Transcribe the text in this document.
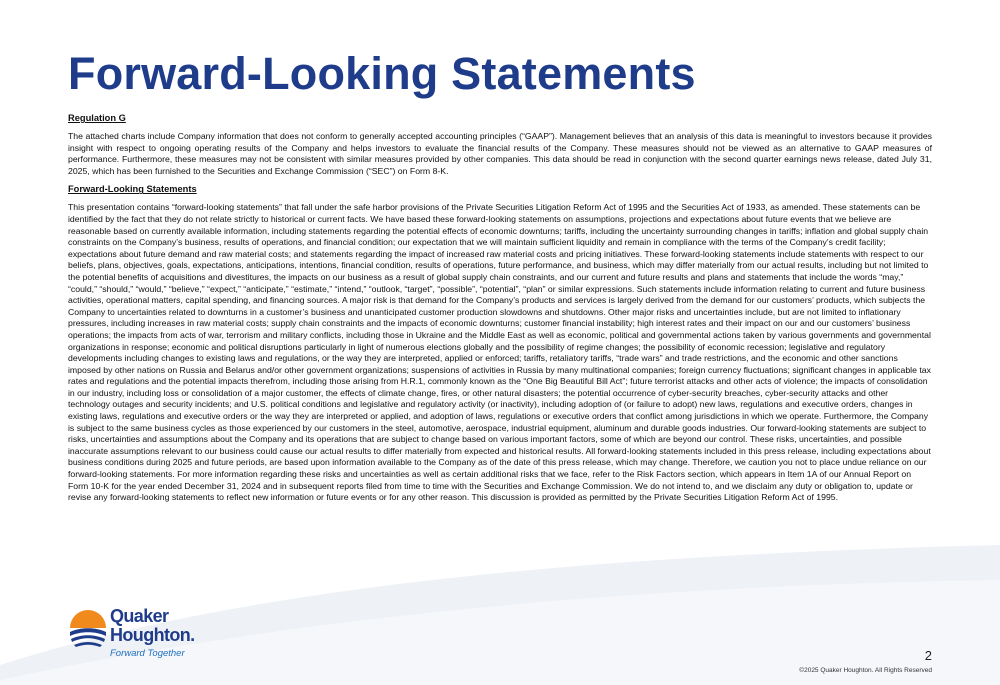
Forward-Looking Statements

Regulation G

The attached charts include Company information that does not conform to generally accepted accounting principles (“GAAP”). Management believes that an analysis of this data is meaningful to investors because it provides insight with respect to ongoing operating results of the Company and helps investors to evaluate the financial results of the Company. These measures should not be viewed as an alternative to GAAP measures of performance. Furthermore, these measures may not be consistent with similar measures provided by other companies. This data should be read in conjunction with the second quarter earnings news release, dated July 31, 2025, which has been furnished to the Securities and Exchange Commission (“SEC”) on Form 8-K.

Forward-Looking Statements

This presentation contains “forward-looking statements” that fall under the safe harbor provisions of the Private Securities Litigation Reform Act of 1995 and the Securities Act of 1933, as amended. These statements can be identified by the fact that they do not relate strictly to historical or current facts. We have based these forward-looking statements on assumptions, projections and expectations about future events that we believe are reasonable based on currently available information, including statements regarding the potential effects of economic downturns; tariffs, including the uncertainty surrounding changes in tariffs; inflation and global supply chain constraints on the Company’s business, results of operations, and financial condition; our expectation that we will maintain sufficient liquidity and remain in compliance with the terms of the Company’s credit facility; expectations about future demand and raw material costs; and statements regarding the impact of increased raw material costs and pricing initiatives. These forward-looking statements include statements with respect to our beliefs, plans, objectives, goals, expectations, anticipations, intentions, financial condition, results of operations, future performance, and business, which may differ materially from our actual results, including but not limited to the potential benefits of acquisitions and divestitures, the impacts on our business as a result of global supply chain constraints, and our current and future results and plans and statements that include the words “may,” “could,” “should,” “would,” “believe,” “expect,” “anticipate,” “estimate,” “intend,” “outlook, “target”, “possible”, “potential”, “plan” or similar expressions. Such statements include information relating to current and future business activities, operational matters, capital spending, and financing sources. A major risk is that demand for the Company’s products and services is largely derived from the demand for our customers’ products, which subjects the Company to uncertainties related to downturns in a customer’s business and unanticipated customer production slowdowns and shutdowns. Other major risks and uncertainties include, but are not limited to inflationary pressures, including increases in raw material costs; supply chain constraints and the impacts of economic downturns; customer financial instability; high interest rates and their impact on our and our customers’ business operations; the impacts from acts of war, terrorism and military conflicts, including those in Ukraine and the Middle East as well as economic, political and governmental actions taken by various governments and governmental organizations in response; economic and political disruptions particularly in light of numerous elections globally and the possibility of regime changes; the possibility of economic recession; legislative and regulatory developments including changes to existing laws and regulations, or the way they are interpreted, applied or enforced; tariffs, retaliatory tariffs, “trade wars” and trade restrictions, and the economic and other sanctions imposed by other nations on Russia and Belarus and/or other government organizations; suspensions of activities in Russia by many multinational companies; foreign currency fluctuations; significant changes in applicable tax rates and regulations and the potential impacts therefrom, including those arising from H.R.1, commonly known as the “One Big Beautiful Bill Act”; future terrorist attacks and other acts of violence; the impacts of consolidation in our industry, including loss or consolidation of a major customer, the effects of climate change, fires, or other natural disasters; the potential occurrence of cyber-security breaches, cyber-security attacks and other technology outages and security incidents; and U.S. political conditions and legislative and regulatory activity (or inactivity), including adoption of (or failure to adopt) new laws, regulations and executive orders, changes in existing laws, regulations and executive orders or the way they are interpreted or applied, and adoption of laws, regulations or executive orders that conflict among jurisdictions in which we operate. Furthermore, the Company is subject to the same business cycles as those experienced by our customers in the steel, automotive, aerospace, industrial equipment, aluminum and durable goods industries. Our forward-looking statements are subject to risks, uncertainties and assumptions about the Company and its operations that are subject to change based on various important factors, some of which are beyond our control. These risks, uncertainties, and possible inaccurate assumptions relevant to our business could cause our actual results to differ materially from expected and historical results. All forward-looking statements included in this press release, including expectations about business conditions during 2025 and future periods, are based upon information available to the Company as of the date of this press release, which may change. Therefore, we caution you not to place undue reliance on our forward-looking statements. For more information regarding these risks and uncertainties as well as certain additional risks that we face, refer to the Risk Factors section, which appears in Item 1A of our Annual Report on Form 10-K for the year ended December 31, 2024 and in subsequent reports filed from time to time with the Securities and Exchange Commission. We do not intend to, and we disclaim any duty or obligation to, update or revise any forward-looking statements to reflect new information or future events or for any other reason. This discussion is provided as permitted by the Private Securities Litigation Reform Act of 1995.

Quaker
Houghton.
Forward Together	2
©2025 Quaker Houghton. All Rights Reserved
